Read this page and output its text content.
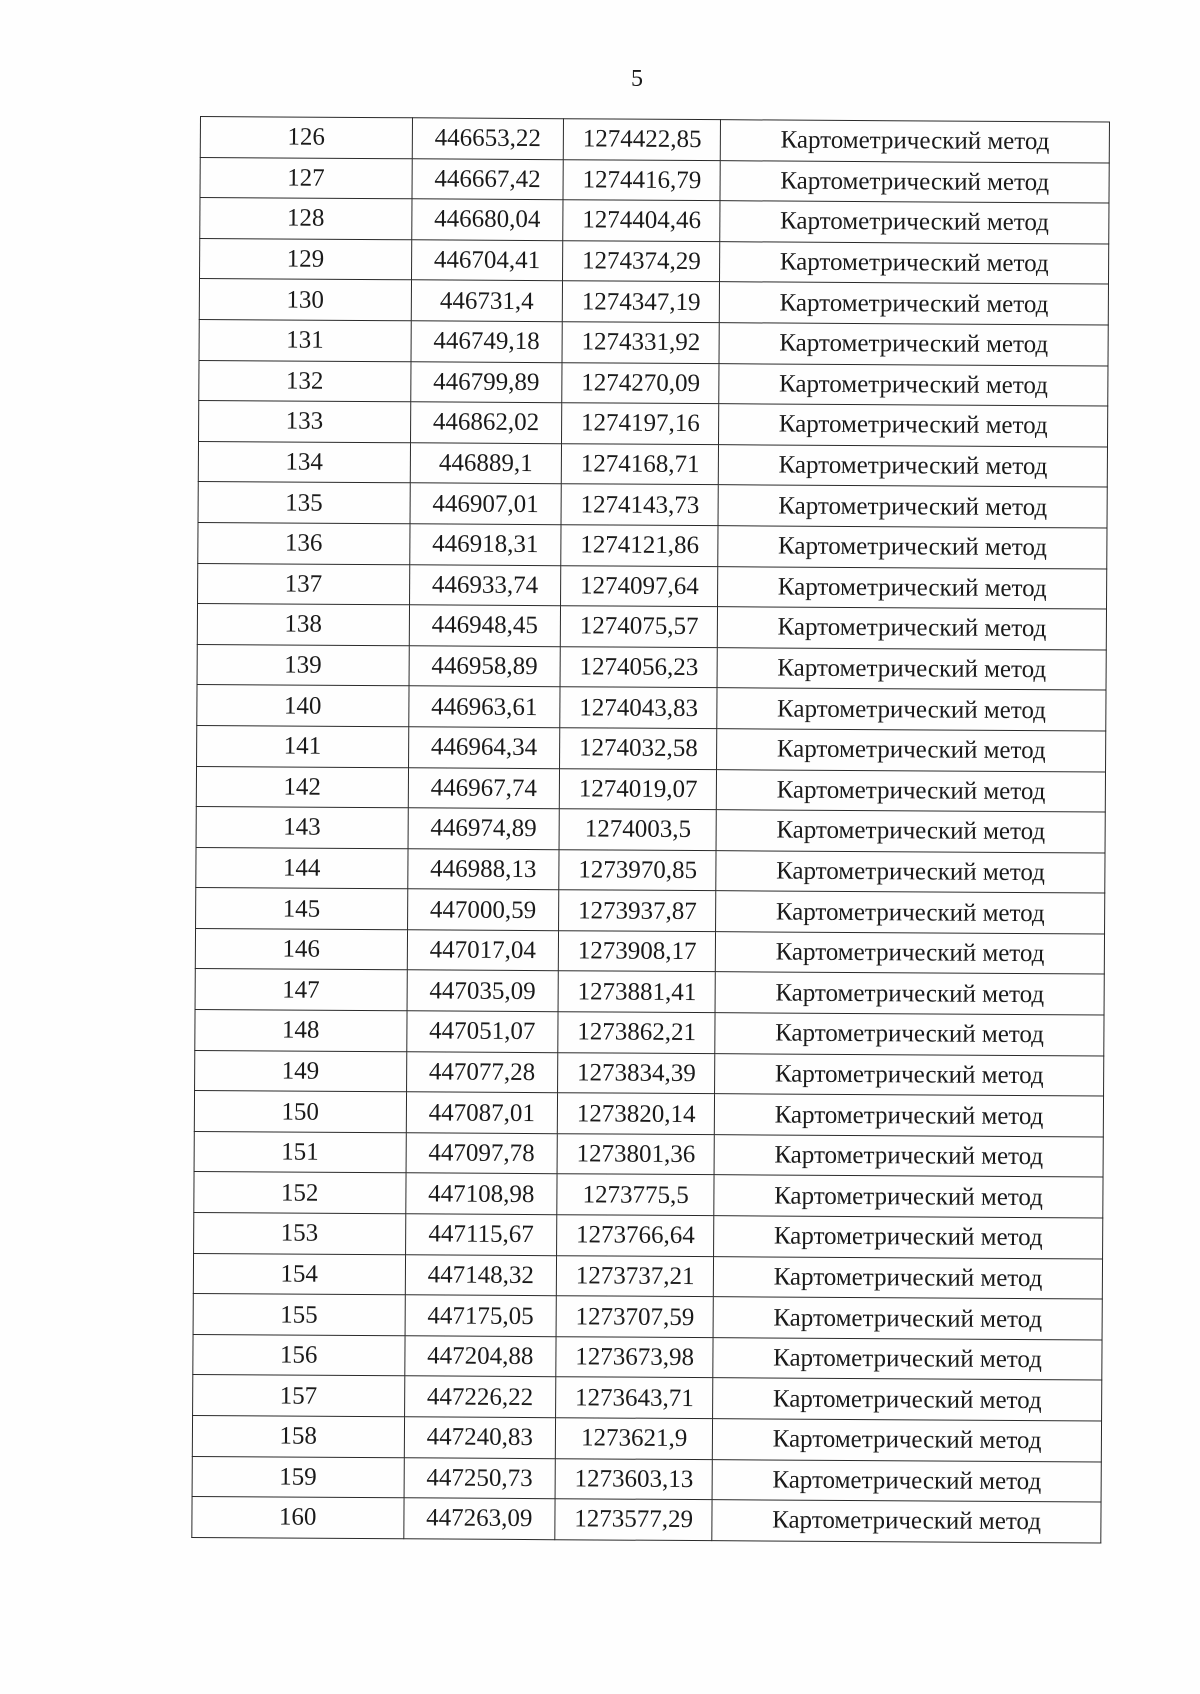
5
126	446653,22	1274422,85	Картометрический метод
127	446667,42	1274416,79	Картометрический метод
128	446680,04	1274404,46	Картометрический метод
129	446704,41	1274374,29	Картометрический метод
130	446731,4	1274347,19	Картометрический метод
131	446749,18	1274331,92	Картометрический метод
132	446799,89	1274270,09	Картометрический метод
133	446862,02	1274197,16	Картометрический метод
134	446889,1	1274168,71	Картометрический метод
135	446907,01	1274143,73	Картометрический метод
136	446918,31	1274121,86	Картометрический метод
137	446933,74	1274097,64	Картометрический метод
138	446948,45	1274075,57	Картометрический метод
139	446958,89	1274056,23	Картометрический метод
140	446963,61	1274043,83	Картометрический метод
141	446964,34	1274032,58	Картометрический метод
142	446967,74	1274019,07	Картометрический метод
143	446974,89	1274003,5	Картометрический метод
144	446988,13	1273970,85	Картометрический метод
145	447000,59	1273937,87	Картометрический метод
146	447017,04	1273908,17	Картометрический метод
147	447035,09	1273881,41	Картометрический метод
148	447051,07	1273862,21	Картометрический метод
149	447077,28	1273834,39	Картометрический метод
150	447087,01	1273820,14	Картометрический метод
151	447097,78	1273801,36	Картометрический метод
152	447108,98	1273775,5	Картометрический метод
153	447115,67	1273766,64	Картометрический метод
154	447148,32	1273737,21	Картометрический метод
155	447175,05	1273707,59	Картометрический метод
156	447204,88	1273673,98	Картометрический метод
157	447226,22	1273643,71	Картометрический метод
158	447240,83	1273621,9	Картометрический метод
159	447250,73	1273603,13	Картометрический метод
160	447263,09	1273577,29	Картометрический метод
